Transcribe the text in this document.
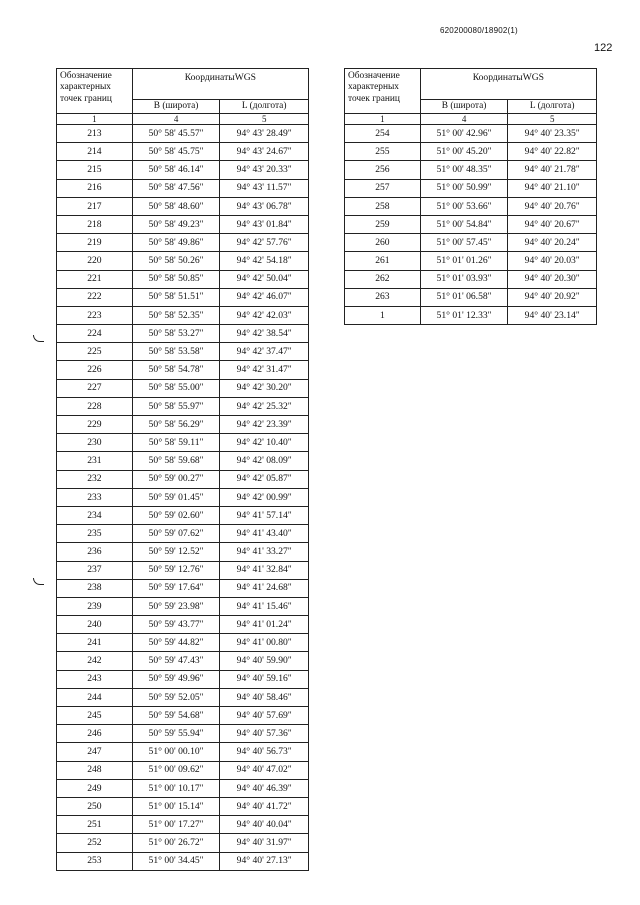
620200080/18902(1)
122
Обозначение характерных точек границ	КоординатыWGS	
	В (широта)	L (долгота)
1	4	5
213	50° 58' 45.57"	94° 43' 28.49"
214	50° 58' 45.75"	94° 43' 24.67"
215	50° 58' 46.14"	94° 43' 20.33"
216	50° 58' 47.56"	94° 43' 11.57"
217	50° 58' 48.60"	94° 43' 06.78"
218	50° 58' 49.23"	94° 43' 01.84"
219	50° 58' 49.86"	94° 42' 57.76"
220	50° 58' 50.26"	94° 42' 54.18"
221	50° 58' 50.85"	94° 42' 50.04"
222	50° 58' 51.51"	94° 42' 46.07"
223	50° 58' 52.35"	94° 42' 42.03"
224	50° 58' 53.27"	94° 42' 38.54"
225	50° 58' 53.58"	94° 42' 37.47"
226	50° 58' 54.78"	94° 42' 31.47"
227	50° 58' 55.00"	94° 42' 30.20"
228	50° 58' 55.97"	94° 42' 25.32"
229	50° 58' 56.29"	94° 42' 23.39"
230	50° 58' 59.11"	94° 42' 10.40"
231	50° 58' 59.68"	94° 42' 08.09"
232	50° 59' 00.27"	94° 42' 05.87"
233	50° 59' 01.45"	94° 42' 00.99"
234	50° 59' 02.60"	94° 41' 57.14"
235	50° 59' 07.62"	94° 41' 43.40"
236	50° 59' 12.52"	94° 41' 33.27"
237	50° 59' 12.76"	94° 41' 32.84"
238	50° 59' 17.64"	94° 41' 24.68"
239	50° 59' 23.98"	94° 41' 15.46"
240	50° 59' 43.77"	94° 41' 01.24"
241	50° 59' 44.82"	94° 41' 00.80"
242	50° 59' 47.43"	94° 40' 59.90"
243	50° 59' 49.96"	94° 40' 59.16"
244	50° 59' 52.05"	94° 40' 58.46"
245	50° 59' 54.68"	94° 40' 57.69"
246	50° 59' 55.94"	94° 40' 57.36"
247	51° 00' 00.10"	94° 40' 56.73"
248	51° 00' 09.62"	94° 40' 47.02"
249	51° 00' 10.17"	94° 40' 46.39"
250	51° 00' 15.14"	94° 40' 41.72"
251	51° 00' 17.27"	94° 40' 40.04"
252	51° 00' 26.72"	94° 40' 31.97"
253	51° 00' 34.45"	94° 40' 27.13"
Обозначение характерных точек границ	КоординатыWGS	
	В (широта)	L (долгота)
1	4	5
254	51° 00' 42.96"	94° 40' 23.35"
255	51° 00' 45.20"	94° 40' 22.82"
256	51° 00' 48.35"	94° 40' 21.78"
257	51° 00' 50.99"	94° 40' 21.10"
258	51° 00' 53.66"	94° 40' 20.76"
259	51° 00' 54.84"	94° 40' 20.67"
260	51° 00' 57.45"	94° 40' 20.24"
261	51° 01' 01.26"	94° 40' 20.03"
262	51° 01' 03.93"	94° 40' 20.30"
263	51° 01' 06.58"	94° 40' 20.92"
1	51° 01' 12.33"	94° 40' 23.14"
